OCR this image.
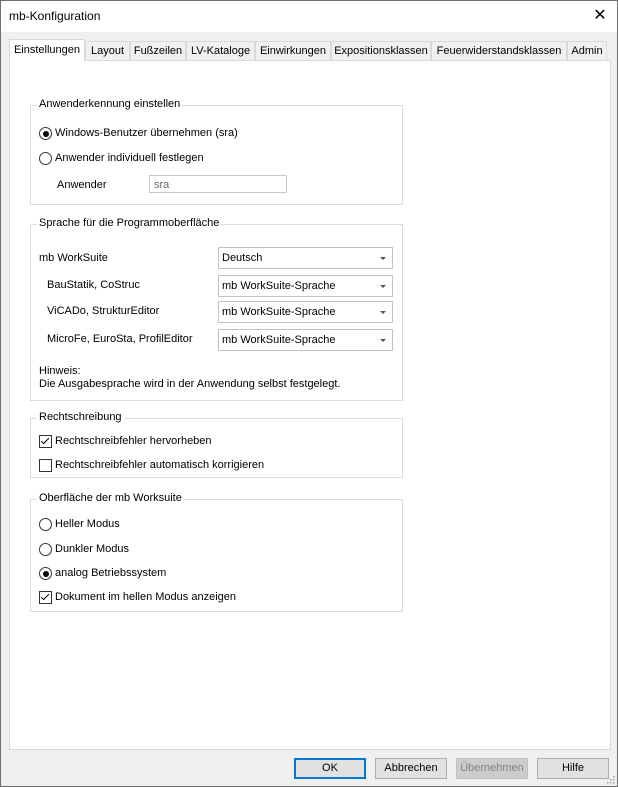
mb-Konfiguration	✕
Einstellungen Layout Fußzeilen LV-Kataloge Einwirkungen Expositionsklassen Feuerwiderstandsklassen Admin
Anwenderkennung einstellen
Windows-Benutzer übernehmen (sra)
Anwender individuell festlegen
Anwender	sra
Sprache für die Programmoberfläche
mb WorkSuite	Deutsch
BauStatik, CoStruc	mb WorkSuite-Sprache
ViCADo, StrukturEditor	mb WorkSuite-Sprache
MicroFe, EuroSta, ProfilEditor	mb WorkSuite-Sprache
Hinweis:
Die Ausgabesprache wird in der Anwendung selbst festgelegt.
Rechtschreibung
Rechtschreibfehler hervorheben
Rechtschreibfehler automatisch korrigieren
Oberfläche der mb Worksuite
Heller Modus
Dunkler Modus
analog Betriebssystem
Dokument im hellen Modus anzeigen
OK	Abbrechen	Übernehmen	Hilfe
